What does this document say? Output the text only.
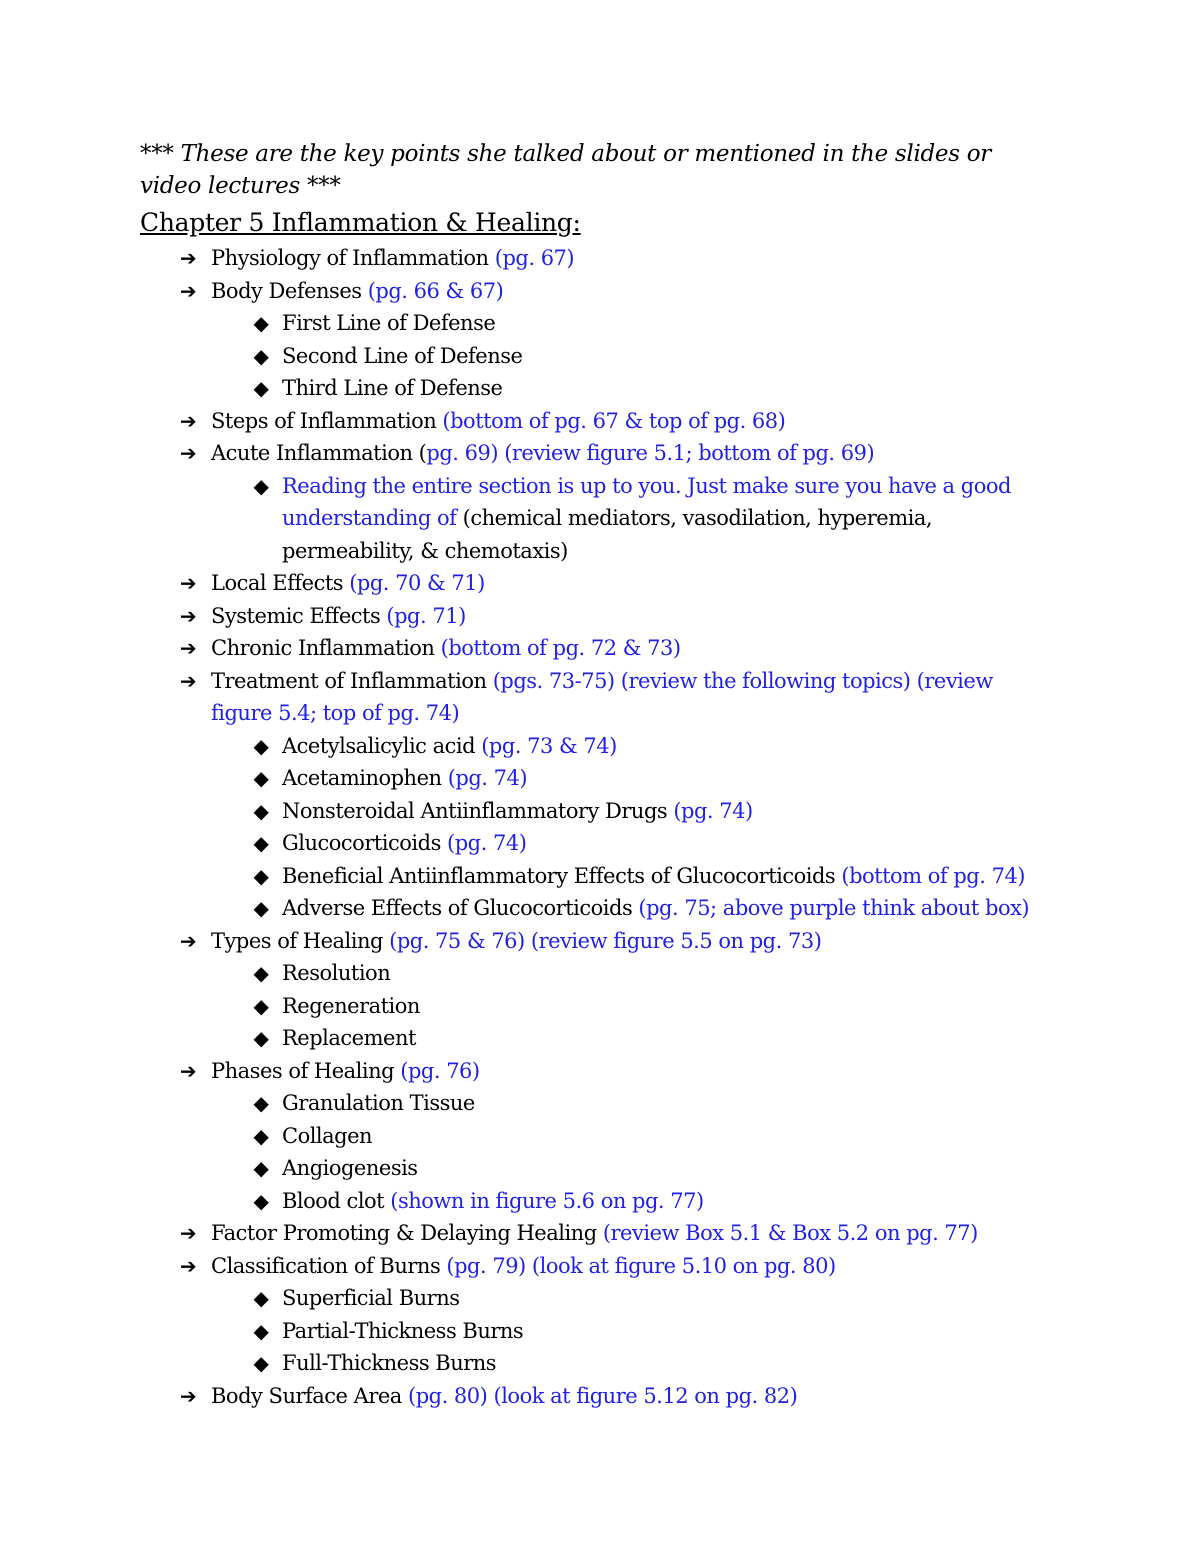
*** These are the key points she talked about or mentioned in the slides or video lectures ***
Chapter 5 Inflammation & Healing:
➔ Physiology of Inflammation (pg. 67)
➔ Body Defenses (pg. 66 & 67)
◆ First Line of Defense
◆ Second Line of Defense
◆ Third Line of Defense
➔ Steps of Inflammation (bottom of pg. 67 & top of pg. 68)
➔ Acute Inflammation (pg. 69) (review figure 5.1; bottom of pg. 69)
◆ Reading the entire section is up to you. Just make sure you have a good understanding of (chemical mediators, vasodilation, hyperemia, permeability, & chemotaxis)
➔ Local Effects (pg. 70 & 71)
➔ Systemic Effects (pg. 71)
➔ Chronic Inflammation (bottom of pg. 72 & 73)
➔ Treatment of Inflammation (pgs. 73-75) (review the following topics) (review figure 5.4; top of pg. 74)
◆ Acetylsalicylic acid (pg. 73 & 74)
◆ Acetaminophen (pg. 74)
◆ Nonsteroidal Antiinflammatory Drugs (pg. 74)
◆ Glucocorticoids (pg. 74)
◆ Beneficial Antiinflammatory Effects of Glucocorticoids (bottom of pg. 74)
◆ Adverse Effects of Glucocorticoids (pg. 75; above purple think about box)
➔ Types of Healing (pg. 75 & 76) (review figure 5.5 on pg. 73)
◆ Resolution
◆ Regeneration
◆ Replacement
➔ Phases of Healing (pg. 76)
◆ Granulation Tissue
◆ Collagen
◆ Angiogenesis
◆ Blood clot (shown in figure 5.6 on pg. 77)
➔ Factor Promoting & Delaying Healing (review Box 5.1 & Box 5.2 on pg. 77)
➔ Classification of Burns (pg. 79) (look at figure 5.10 on pg. 80)
◆ Superficial Burns
◆ Partial-Thickness Burns
◆ Full-Thickness Burns
➔ Body Surface Area (pg. 80) (look at figure 5.12 on pg. 82)
